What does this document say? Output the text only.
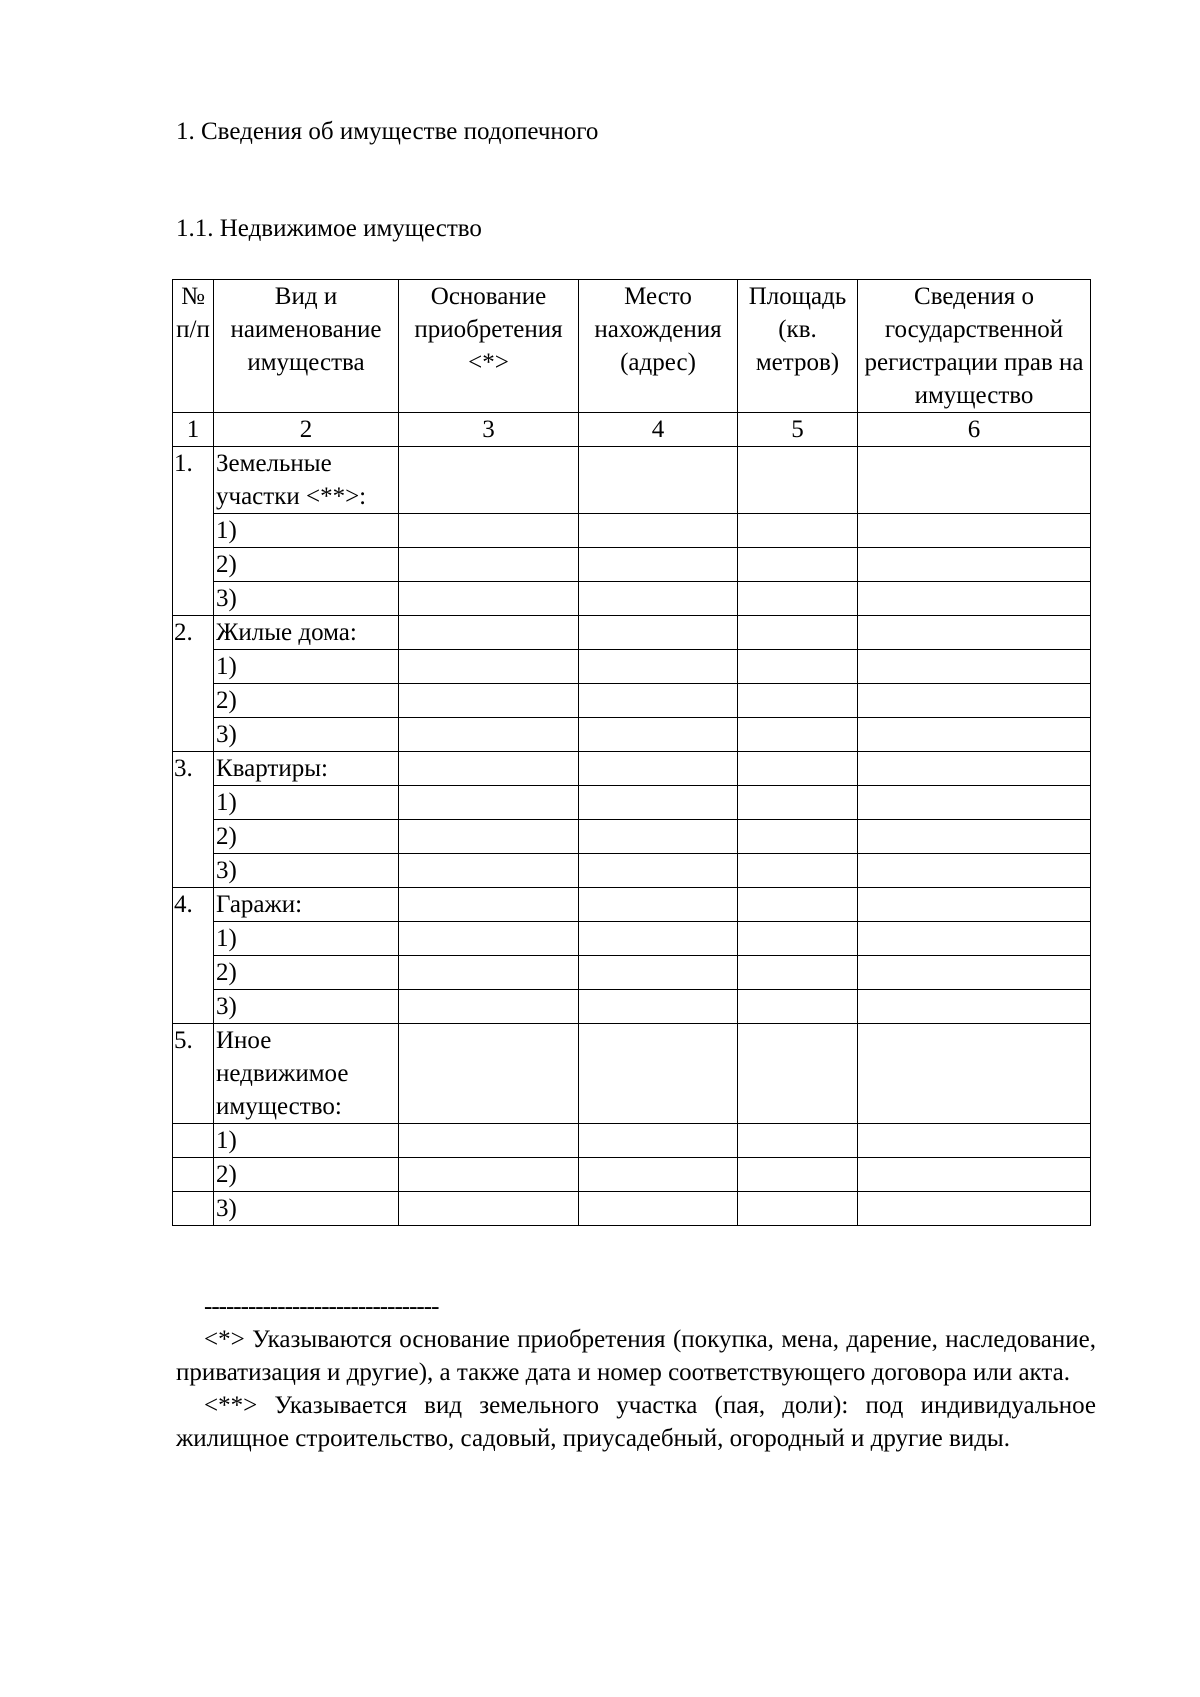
1. Сведения об имуществе подопечного
1.1. Недвижимое имущество
№ п/п	Вид и наименование имущества	Основание приобретения <*>	Место нахождения (адрес)	Площадь (кв. метров)	Сведения о государственной регистрации прав на имущество
1	2	3	4	5	6
1.	Земельные участки <**>:				
	1)				
	2)				
	3)				
2.	Жилые дома:				
	1)				
	2)				
	3)				
3.	Квартиры:				
	1)				
	2)				
	3)				
4.	Гаражи:				
	1)				
	2)				
	3)				
5.	Иное недвижимое имущество:				
	1)				
	2)				
	3)				
--------------------------------

<*> Указываются основание приобретения (покупка, мена, дарение, наследование, приватизация и другие), а также дата и номер соответствующего договора или акта.

<**> Указывается вид земельного участка (пая, доли): под индивидуальное жилищное строительство, садовый, приусадебный, огородный и другие виды.
